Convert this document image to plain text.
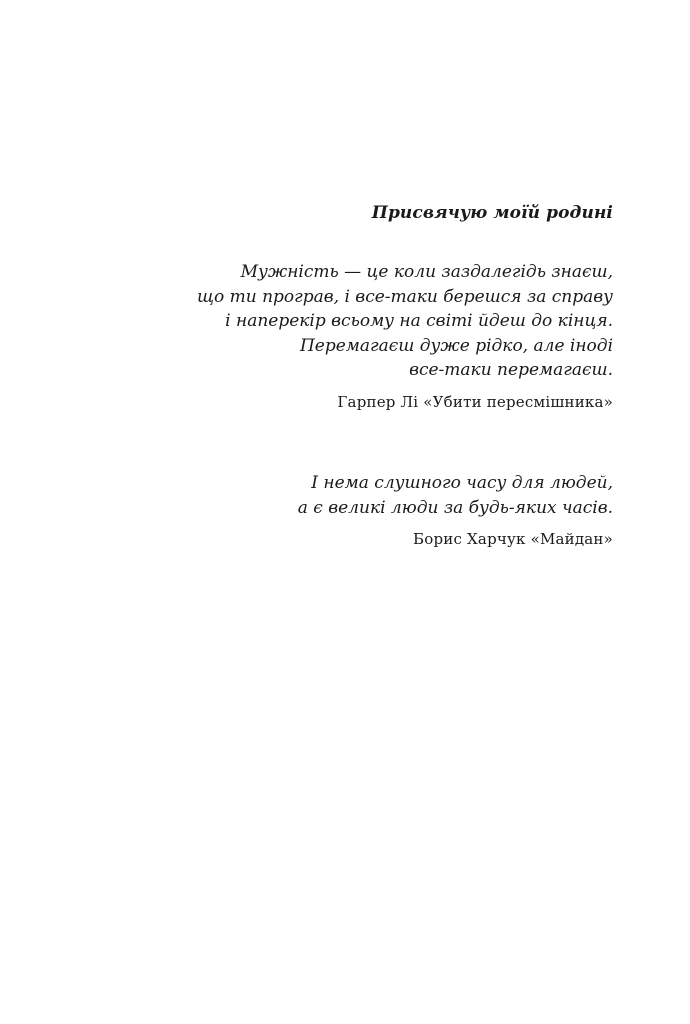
Присвячую моїй родині
Мужність — це коли заздалегідь знаєш,
що ти програв, і все-таки берешся за справу
і наперекір всьому на світі йдеш до кінця.
Перемагаєш дуже рідко, але іноді
все-таки перемагаєш.
Гарпер Лі «Убити пересмішника»
І нема слушного часу для людей,
а є великі люди за будь-яких часів.
Борис Харчук «Майдан»
